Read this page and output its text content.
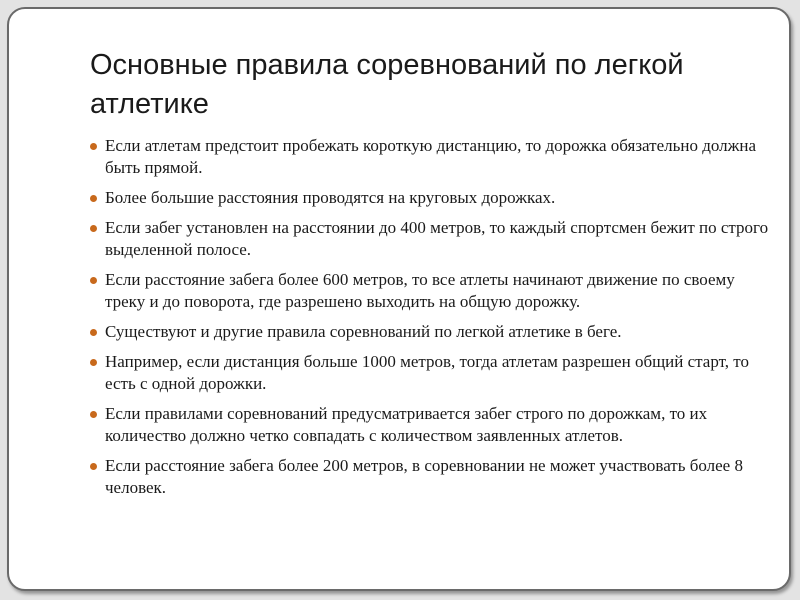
Основные правила соревнований по легкой атлетике
Если атлетам предстоит пробежать короткую дистанцию, то дорожка обязательно должна быть прямой.
Более большие расстояния проводятся на круговых дорожках.
Если забег установлен на расстоянии до 400 метров, то каждый спортсмен бежит по строго выделенной полосе.
Если расстояние забега более 600 метров, то все атлеты начинают движение по своему треку и до поворота, где разрешено выходить на общую дорожку.
Существуют и другие правила соревнований по легкой атлетике в беге.
Например, если дистанция больше 1000 метров, тогда атлетам разрешен общий старт, то есть с одной дорожки.
Если правилами соревнований предусматривается забег строго по дорожкам, то их количество должно четко совпадать с количеством заявленных атлетов.
Если расстояние забега более 200 метров, в соревновании не может участвовать более 8 человек.
